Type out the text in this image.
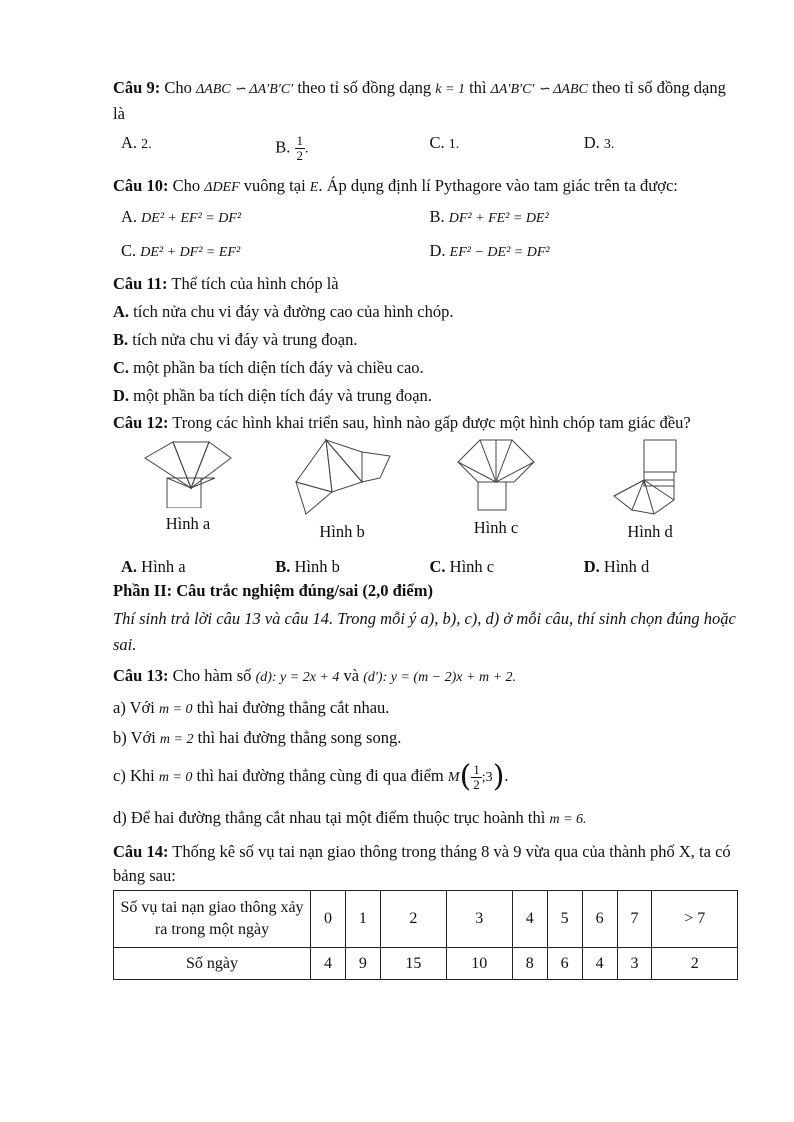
Câu 9: Cho ΔABC ∽ ΔA′B′C′ theo tỉ số đồng dạng k = 1 thì ΔA′B′C′ ∽ ΔABC theo tỉ số đồng dạng là

A. 2.	B. $\frac{1}{2}$ .	C. 1.	D. 3.

Câu 10: Cho ΔDEF vuông tại E. Áp dụng định lí Pythagore vào tam giác trên ta được:

A. DE² + EF² = DF²	B. DF² + FE² = DE²
C. DE² + DF² = EF²	D. EF² − DE² = DF²

Câu 11: Thể tích của hình chóp là

A. tích nửa chu vi đáy và đường cao của hình chóp.
B. tích nửa chu vi đáy và trung đoạn.
C. một phần ba tích diện tích đáy và chiều cao.
D. một phần ba tích diện tích đáy và trung đoạn.

Câu 12: Trong các hình khai triển sau, hình nào gấp được một hình chóp tam giác đều?

Hình a	Hình b	Hình c	Hình d
A. Hình a	B. Hình b	C. Hình c	D. Hình d

Phần II: Câu trắc nghiệm đúng/sai (2,0 điểm)

Thí sinh trả lời câu 13 và câu 14. Trong mỗi ý a), b), c), d) ở mỗi câu, thí sinh chọn đúng hoặc sai.

Câu 13: Cho hàm số (d): y = 2x + 4 và (d′): y = (m − 2)x + m + 2.

a) Với m = 0 thì hai đường thẳng cắt nhau.
b) Với m = 2 thì hai đường thẳng song song.
c) Khi m = 0 thì hai đường thẳng cùng đi qua điểm $M( \frac{1}{2}$ ;3).
d) Để hai đường thẳng cắt nhau tại một điểm thuộc trục hoành thì m = 6.

Câu 14: Thống kê số vụ tai nạn giao thông trong tháng 8 và 9 vừa qua của thành phố X, ta có bảng sau:

Số vụ tai nạn giao thông xảy ra trong một ngày	0	1	2	3	4	5	6	7	> 7
Số ngày	4	9	15	10	8	6	4	3	2
